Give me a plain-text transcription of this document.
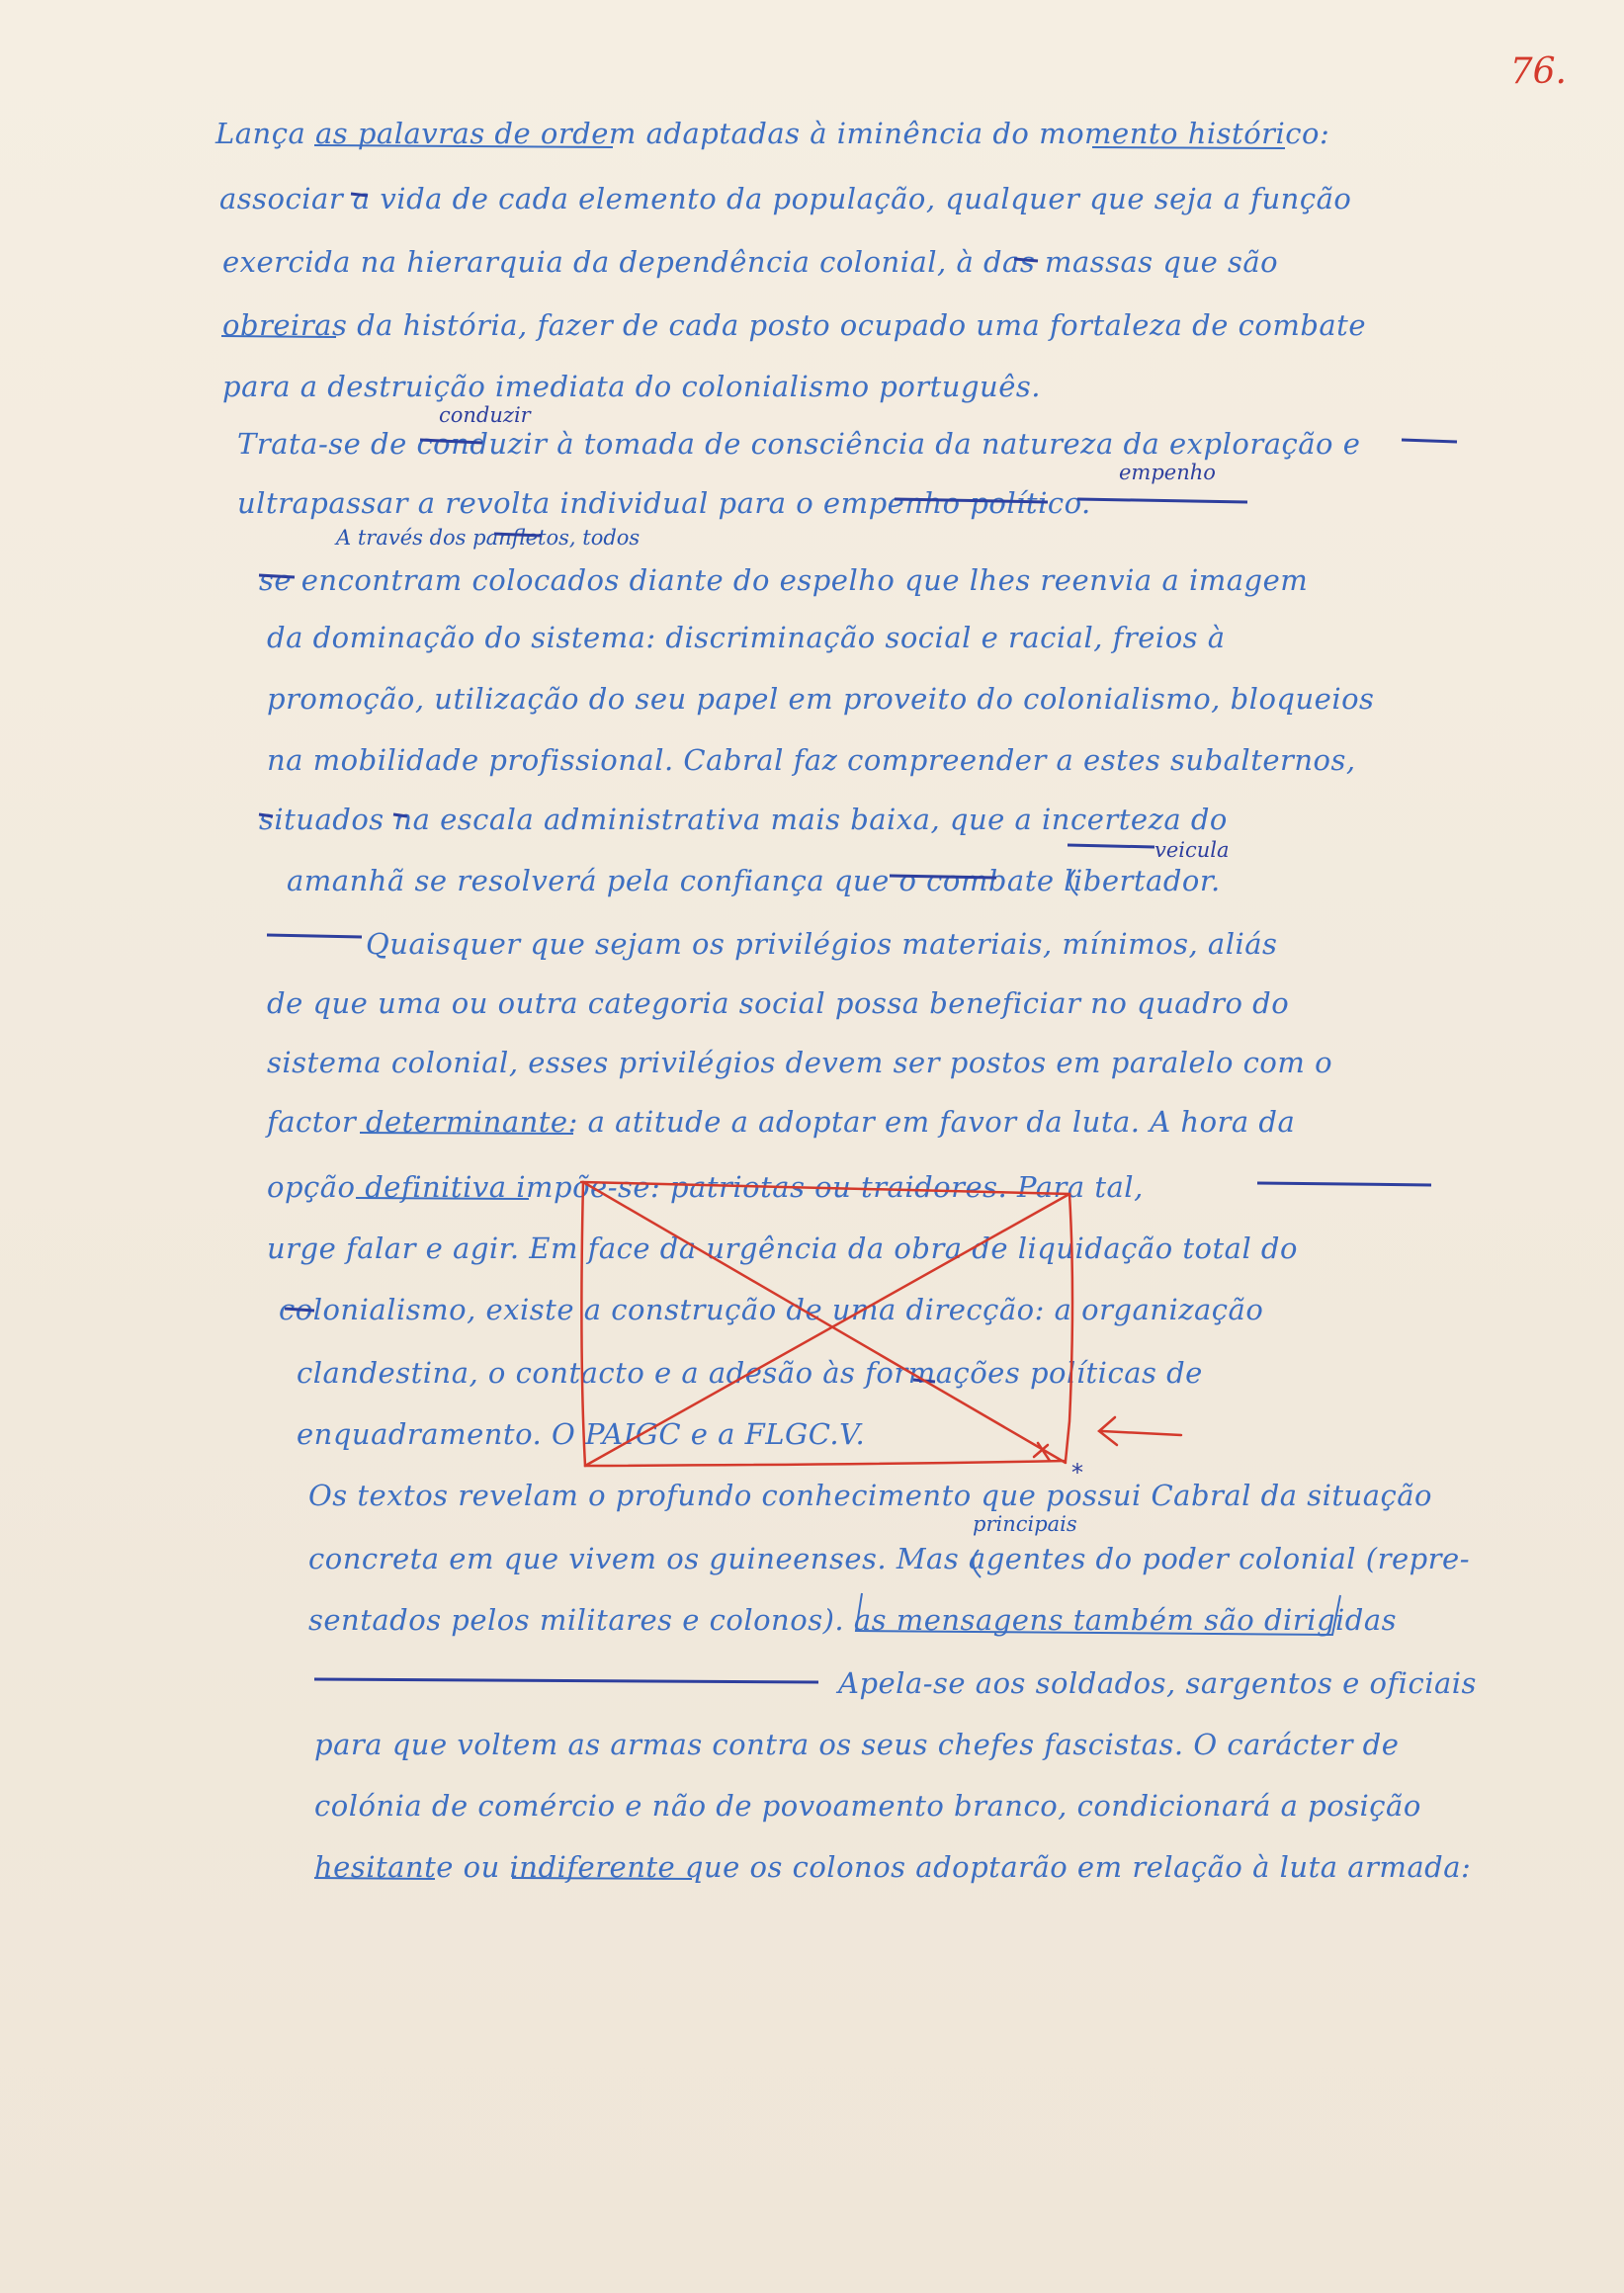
76.
Lança as palavras de ordem adaptadas à iminência do momento histórico:
associar a vida de cada elemento da população, qualquer que seja a função
exercida na hierarquia da dependência colonial, à das massas que são
obreiras da história, fazer de cada posto ocupado uma fortaleza de combate
para a destruição imediata do colonialismo português.
Trata-se de conduzir à tomada de consciência da natureza da exploração e
ultrapassar a revolta individual para o empenho político.
se encontram colocados diante do espelho que lhes reenvia a imagem
da dominação do sistema: discriminação social e racial, freios à
promoção, utilização do seu papel em proveito do colonialismo, bloqueios
na mobilidade profissional. Cabral faz compreender a estes subalternos,
situados na escala administrativa mais baixa, que a incerteza do
amanhã se resolverá pela confiança que o combate libertador.
Quaisquer que sejam os privilégios materiais, mínimos, aliás
de que uma ou outra categoria social possa beneficiar no quadro do
sistema colonial, esses privilégios devem ser postos em paralelo com o
factor determinante: a atitude a adoptar em favor da luta. A hora da
opção definitiva impõe-se: patriotas ou traidores. Para tal,
urge falar e agir. Em face da urgência da obra de liquidação total do
colonialismo, existe a construção de uma direcção: a organização
clandestina, o contacto e a adesão às formações políticas de
enquadramento. O PAIGC e a FLGC.V.
Os textos revelam o profundo conhecimento que possui Cabral da situação
concreta em que vivem os guineenses. Mas agentes do poder colonial (repre-
sentados pelos militares e colonos). as mensagens também são dirigidas
Apela-se aos soldados, sargentos e oficiais
para que voltem as armas contra os seus chefes fascistas. O carácter de
colónia de comércio e não de povoamento branco, condicionará a posição
hesitante ou indiferente que os colonos adoptarão em relação à luta armada:
conduzir
empenho
A través dos panfletos, todos
veicula
principais
*
